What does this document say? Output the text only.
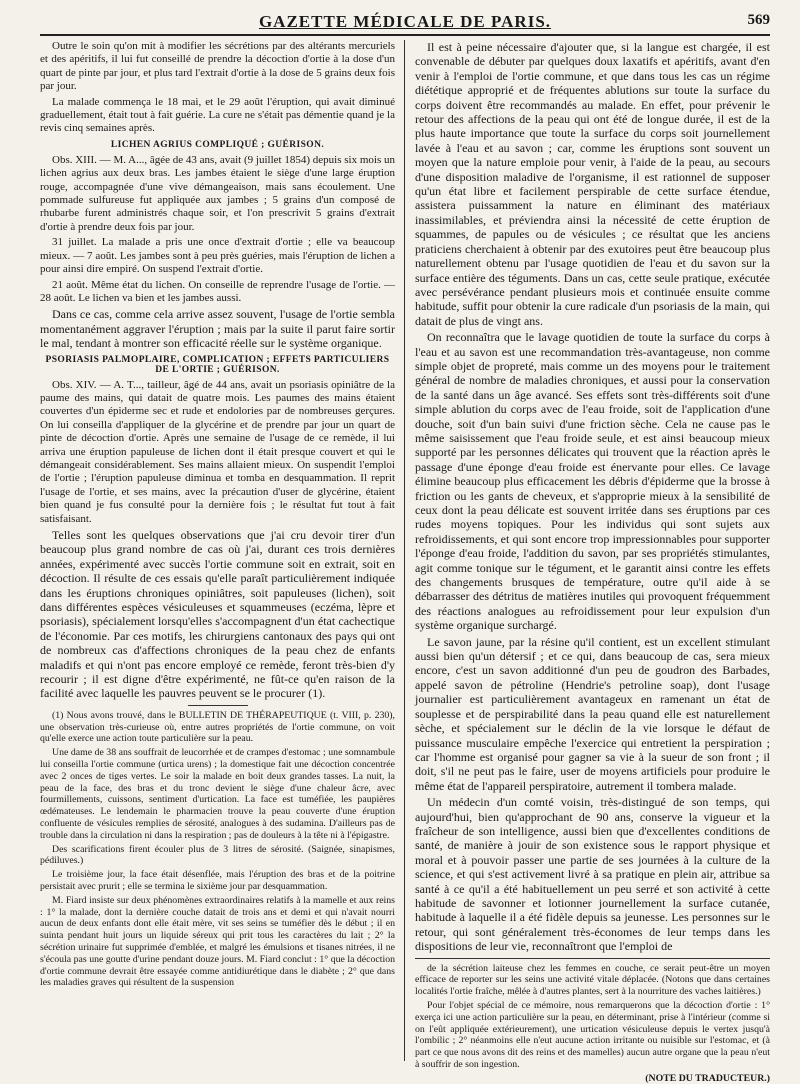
GAZETTE MÉDICALE DE PARIS.	569

Outre le soin qu'on mit à modifier les sécrétions par des altérants mercuriels et des apéritifs, il lui fut conseillé de prendre la décoction d'ortie à la dose d'un quart de pinte par jour, et plus tard l'extrait d'ortie à la dose de 5 grains deux fois par jour.

La malade commença le 18 mai, et le 29 août l'éruption, qui avait diminué graduellement, était tout à fait guérie. La cure ne s'était pas démentie quand je la revis cinq semaines après.

LICHEN AGRIUS COMPLIQUÉ ; GUÉRISON.

Obs. XIII. — M. A..., âgée de 43 ans, avait (9 juillet 1854) depuis six mois un lichen agrius aux deux bras. Les jambes étaient le siège d'une large éruption rouge, accompagnée d'une vive démangeaison, mais sans écoulement. Une pommade sulfureuse fut appliquée aux jambes ; 5 grains d'un composé de rhubarbe furent administrés chaque soir, et l'on prescrivit 5 grains d'extrait d'ortie à prendre deux fois par jour.

31 juillet. La malade a pris une once d'extrait d'ortie ; elle va beaucoup mieux. — 7 août. Les jambes sont à peu près guéries, mais l'éruption de lichen a pour ainsi dire empiré. On suspend l'extrait d'ortie.

21 août. Même état du lichen. On conseille de reprendre l'usage de l'ortie. — 28 août. Le lichen va bien et les jambes aussi.

Dans ce cas, comme cela arrive assez souvent, l'usage de l'ortie sembla momentanément aggraver l'éruption ; mais par la suite il parut faire sortir le mal, tendant à montrer son efficacité réelle sur le système organique.

PSORIASIS PALMOPLAIRE, COMPLICATION ; EFFETS PARTICULIERS DE L'ORTIE ; GUÉRISON.

Obs. XIV. — A. T..., tailleur, âgé de 44 ans, avait un psoriasis opiniâtre de la paume des mains, qui datait de quatre mois. Les paumes des mains étaient couvertes d'un épiderme sec et rude et endolories par de nombreuses gerçures. On lui conseilla d'appliquer de la glycérine et de prendre par jour un quart de pinte de décoction d'ortie. Après une semaine de l'usage de ce remède, il lui arriva une éruption papuleuse de lichen dont il était presque couvert et qui le démangeait considérablement. Ses mains allaient mieux. On suspendit l'emploi de l'ortie ; l'éruption papuleuse diminua et tomba en desquammation. Il reprit l'usage de l'ortie, et ses mains, avec la précaution d'user de glycérine, étaient bien quand je fus consulté pour la dernière fois ; le résultat fut tout à fait satisfaisant.

Telles sont les quelques observations que j'ai cru devoir tirer d'un beaucoup plus grand nombre de cas où j'ai, durant ces trois dernières années, expérimenté avec succès l'ortie commune soit en extrait, soit en décoction. Il résulte de ces essais qu'elle paraît particulièrement indiquée dans les éruptions chroniques opiniâtres, soit papuleuses (lichen), soit dans différentes espèces vésiculeuses et squammeuses (eczéma, lèpre et psoriasis), spécialement lorsqu'elles s'accompagnent d'un état cachectique de l'économie. Par ces motifs, les chirurgiens cantonaux des pays qui ont de nombreux cas d'affections chroniques de la peau chez de enfants maladifs et qui n'ont pas encore employé ce remède, feront très-bien d'y recourir ; il est digne d'être expérimenté, ne fût-ce qu'en raison de la facilité avec laquelle les pauvres peuvent se le procurer (1).

(1) Nous avons trouvé, dans le BULLETIN DE THÉRAPEUTIQUE (t. VIII, p. 230), une observation très-curieuse où, entre autres propriétés de l'ortie commune, on voit qu'elle exerce une action toute particulière sur la peau.

Une dame de 38 ans souffrait de leucorrhée et de crampes d'estomac ; une somnambule lui conseilla l'ortie commune (urtica urens) ; la domestique fait une décoction concentrée avec 2 onces de tiges vertes. Le soir la malade en boit deux grandes tasses. La nuit, la peau de la face, des bras et du tronc devient le siège d'une chaleur âcre, avec fourmillements, cuissons, sentiment d'urtication. La face est tuméfiée, les paupières œdémateuses. Le lendemain le pharmacien trouve la peau couverte d'une éruption confluente de vésicules remplies de sérosité, analogues à des sudamina. D'ailleurs pas de trouble dans la circulation ni dans la respiration ; pas de douleurs à la tête ni à l'épigastre.

Des scarifications firent écouler plus de 3 litres de sérosité. (Saignée, sinapismes, pédiluves.)

Le troisième jour, la face était désenflée, mais l'éruption des bras et de la poitrine persistait avec prurit ; elle se termina le sixième jour par desquammation.

M. Fiard insiste sur deux phénomènes extraordinaires relatifs à la mamelle et aux reins : 1° la malade, dont la dernière couche datait de trois ans et demi et qui n'avait nourri aucun de deux enfants dont elle était mère, vit ses seins se tuméfier dès le début ; il en suinta pendant huit jours un liquide séreux qui prit tous les caractères du lait ; 2° la sécrétion urinaire fut supprimée d'emblée, et malgré les émulsions et tisanes nitrées, il ne s'écoula pas une goutte d'urine pendant douze jours. M. Fiard conclut : 1° que la décoction d'ortie commune devrait être essayée comme antidiurétique dans le diabète ; 2° que dans les maladies graves qui résultent de la suspension

Il est à peine nécessaire d'ajouter que, si la langue est chargée, il est convenable de débuter par quelques doux laxatifs et apéritifs, avant d'en venir à l'emploi de l'ortie commune, et que dans tous les cas un régime diététique approprié et de fréquentes ablutions sur toute la surface du corps doivent être recommandés au malade. En effet, pour prévenir le retour des affections de la peau qui ont été de longue durée, il est de la plus haute importance que toute la surface du corps soit journellement lavée à l'eau et au savon ; car, comme les éruptions sont souvent un moyen que la nature emploie pour venir, à l'aide de la peau, au secours d'une disposition maladive de l'organisme, il est rationnel de supposer qu'un état libre et facilement perspirable de cette surface étendue, assistera puissamment la nature en éliminant des matériaux inassimilables, et préviendra ainsi la nécessité de cette éruption de squammes, de papules ou de vésicules ; ce résultat que les anciens praticiens cherchaient à obtenir par des exutoires peut être beaucoup plus naturellement obtenu par l'usage quotidien de l'eau et du savon sur la surface entière des téguments. Dans un cas, cette seule pratique, exécutée avec persévérance pendant plusieurs mois et continuée ensuite comme habitude, suffit pour obtenir la cure radicale d'un psoriasis de la main, qui datait de plus de vingt ans.

On reconnaîtra que le lavage quotidien de toute la surface du corps à l'eau et au savon est une recommandation très-avantageuse, non comme simple objet de propreté, mais comme un des moyens pour le traitement général de nombre de maladies chroniques, et aussi pour la conservation de la santé dans un âge avancé. Ses effets sont très-différents soit d'une simple ablution du corps avec de l'eau froide, soit de l'application d'une douche, soit d'un bain suivi d'une friction sèche. Cela ne cause pas le même saisissement que l'eau froide seule, et est ainsi beaucoup mieux supporté par les personnes délicates qui trouvent que la réaction après le passage d'une éponge d'eau froide est énervante pour elles. Ce lavage élimine beaucoup plus efficacement les débris d'épiderme que la brosse à friction ou les gants de cheveux, et s'approprie mieux à la sensibilité de ceux dont la peau délicate est souvent irritée dans ses éruptions par ces rudes moyens topiques. Pour les individus qui sont sujets aux refroidissements, et qui sont encore trop impressionnables pour supporter l'éponge d'eau froide, l'addition du savon, par ses propriétés stimulantes, agit comme tonique sur le tégument, et le garantit ainsi contre les effets des changements brusques de température, outre qu'il aide à se débarrasser des détritus de matières inutiles qui provoquent fréquemment des réactions analogues au refroidissement pour leur expulsion d'un système organique surchargé.

Le savon jaune, par la résine qu'il contient, est un excellent stimulant aussi bien qu'un détersif ; et ce qui, dans beaucoup de cas, sera mieux encore, c'est un savon additionné d'un peu de goudron des Barbades, appelé savon de pétroline (Hendrie's petroline soap), dont l'usage journalier est particulièrement avantageux en ramenant un état de souplesse et de perspirabilité dans la peau quand elle est naturellement sèche, et spécialement sur le déclin de la vie lorsque le défaut de puissance musculaire empêche l'exercice qui entretient la perspiration ; car l'homme est organisé pour gagner sa vie à la sueur de son front ; il doit, s'il ne peut pas le faire, user de moyens artificiels pour produire le même état de l'appareil perspiratoire, autrement il tombera malade.

Un médecin d'un comté voisin, très-distingué de son temps, qui aujourd'hui, bien qu'approchant de 90 ans, conserve la vigueur et la fraîcheur de son intelligence, aussi bien que d'excellentes conditions de santé, de manière à jouir de son existence sous le rapport physique et moral et à pouvoir passer une partie de ses journées à la culture de la science, et qui s'est activement livré à sa pratique en plein air, attribue sa santé à ce qu'il a été habituellement un peu serré et son activité à cette habitude de savonner et lotionner journellement la surface cutanée, habitude à laquelle il a été fidèle depuis sa jeunesse. Les personnes sur le retour, qui sont généralement très-économes de leur temps dans les dispositions de leur vie, reconnaîtront que l'emploi de

de la sécrétion laiteuse chez les femmes en couche, ce serait peut-être un moyen efficace de reporter sur les seins une activité vitale déplacée. (Notons que dans certaines localités l'ortie fraîche, mêlée à d'autres plantes, sert à la nourriture des vaches laitières.)

Pour l'objet spécial de ce mémoire, nous remarquerons que la décoction d'ortie : 1° exerça ici une action particulière sur la peau, en déterminant, prise à l'intérieur (comme si on l'eût appliquée extérieurement), une urtication vésiculeuse depuis le vertex jusqu'à l'ombilic ; 2° néanmoins elle n'eut aucune action irritante ou nuisible sur l'estomac, et (à part ce que nous avons dit des reins et des mamelles) aucun autre organe que la peau n'eut à souffrir de son ingestion.

(NOTE DU TRADUCTEUR.)
